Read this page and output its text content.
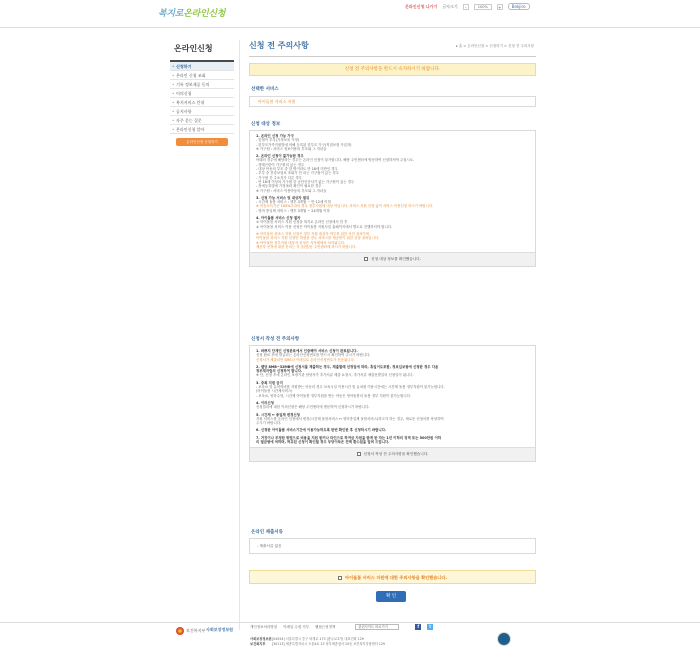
복지로온라인신청
온라인신청 나가기 글자크기	-	100%	+	Bokjiro
온라인신청
• 신청하기
• 온라인 신청 조회
• 기록 정보제공 동의
• 이의신청
• 복지서비스 안내
• 공지사항
• 자주 묻는 질문
• 온라인신청 알아
온라인신청 신청하기
신청 전 주의사항	▸ 홈 > 온라인신청 > 신청하기 > 신청 전 주의사항
신청 전 주의사항을 반드시 숙지하시기 바랍니다.
선택한 서비스
아이돌봄 서비스 지원
신청 대상 정보
1. 온라인 신청 가능 가구
- 맞벌이 부부(가정보육 가정)
- 한부모가족지원법에 의해 등록된 한부모 가구(직접보험 가입자)
※ 가구원 : 서비스 정보이용의 부모와 그 자녀들
2. 온라인 신청이 불가능한 경우
아래의 경우에 해당하는 경우는 온라인 신청이 불가합니다. 해당 주민센터에 방문하여 신청하셔야 주십시오.
- 생계곤란이 가구원의 있는 경우
- 대상 아동의 부모 중 한 명이라도 만 18세 미만인 경우
- 부부 중 건강보험료 조회가 안 되는 가구원이 있는 경우
- 가구원 간 주소지가 다른 경우
- 만 18세 이상의 가구원 중 공단인증서가 없는 가구원이 있는 경우
- 장애등록법에 가정폭력 확인이 필요한 경우
※ 가구원 : 서비스 이용아동의 부모와 그 자녀들
3. 신청 가능 서비스 및 대상자 범위
- 시간제 돌봄 서비스 : 생후 3개월 ~ 만 12세 이하
※ 아동소득기준 100%초과의 경우 정부지원에 대상 아닙니다. 서비스 지원 신청 없이 서비스 이용신청 하시기 바랍니다.
- 영아 종일제 서비스 : 생후 3개월 ~ 24개월 이하
4. 아이돌봄 서비스 신청 절차
① 아이돌봄 서비스 지원 신청을 복지로 온라인 신청에서 한 후
② 아이돌봄 서비스 이용 신청은 아이돌봄 지원사업 홈페이지에서 별도로 진행하셔야 합니다.
※ 아이돌봄 서비스 지원 신청은 정부 지원 대상자 여부를 위한 사전 절차이며,
아이돌봄 서비스 지원 신청만 하셨을 경우 서비스를 제공받기 위한 신청 절차입니다.
※ 아이돌봄 정부지원 대상자 선정은 지자체에서 처리됩니다.
제공자 선정에 대한 문의는 각 읍/면/동 주민센터에 하시기 바랍니다.
신청 대상 정보를 확인했습니다.
신청서 작성 전 주의사항
1. 바쁘지 단계인 신청완료에서 인증해야 서비스 신청이 완료됩니다.
신청 완료 후에 발급되는 온라인신청번호를 반드시 확인하여 주시기 바랍니다.
신청서가 제출되면 SMS나 이메일로 온라인신청번호가 전송됩니다.
2. 웹당 8MB~32MB에 신청서를 제출하는 경우, 제출할때 선정일에 따라, 휴일이도포함, 정보입보험에 신청한 경우 다음
정부재자립의 신청하여 합니다.
※ 단, 신청 후에 온라인 보장기관 담당자가 추가서류 제출 요청시, 추가서류 제출문발일의 신청일이 됩니다.
3. 중복 지원 금지
- 보육료 및 유아학비를 지원받는 아동의 경우 보육시설 이용시간 및 유치원 이용시간에는 시간제 돌봄 정부지원이 불가능합니다.
(아이돌봄 시간제서비스)
- 보육료, 양육수당, 시간제 아이돌봄 정부지원을 받는 아동은 영아돌봄의 돌봄 정부 지원이 불가능합니다.
4. 이의신청
신청결과에 대한 이의신청은 해당 주민센터에 방문하여 신청하시기 바랍니다.
5. 시간제 ↔ 종일제 변경신청
지원 서비스를 온라인 신청에서 변경(시간제 돌봄서비스 ↔ 영아종일제 돌봄서비스)하고자 하는 경우, 새로운 신청서를 작성하여
주시기 바랍니다.
6. 신청한 아이돌봄 서비스기간에 이용가능하도록 한번 확인한 후 신청하시기 바랍니다.
7. 거짓이나 부정한 방법으로 비용을 지원 받거나 타인으로 하여금 지원을 받게 한 자는 1년 이하의 징역 또는 500만원 이하
의 벌금형에 처하며, 허위된 신청이 확인될 경우 부당이득은 전액 환수됨을 알려 드립니다.
신청서 작성 전 주의사항을 확인했습니다.
온라인 제출서류
- 제출서류 없음
아이돌봄 서비스 지원에 대한 주의사항을 확인했습니다.
확 인
보건복지부 사회보장정보원
개인정보처리방침 이메일 수집 거부 웹접근성정책	관련사이트 바로가기	f	t
사회보장정보원[04554] 서울특별시 중구 퇴계로 173 (충무로3가) 대표전화 129
보건복지부 [30113] 세종특별자치시 도움4로 13 정부세종청사 10동 보건복지상담센터 129
